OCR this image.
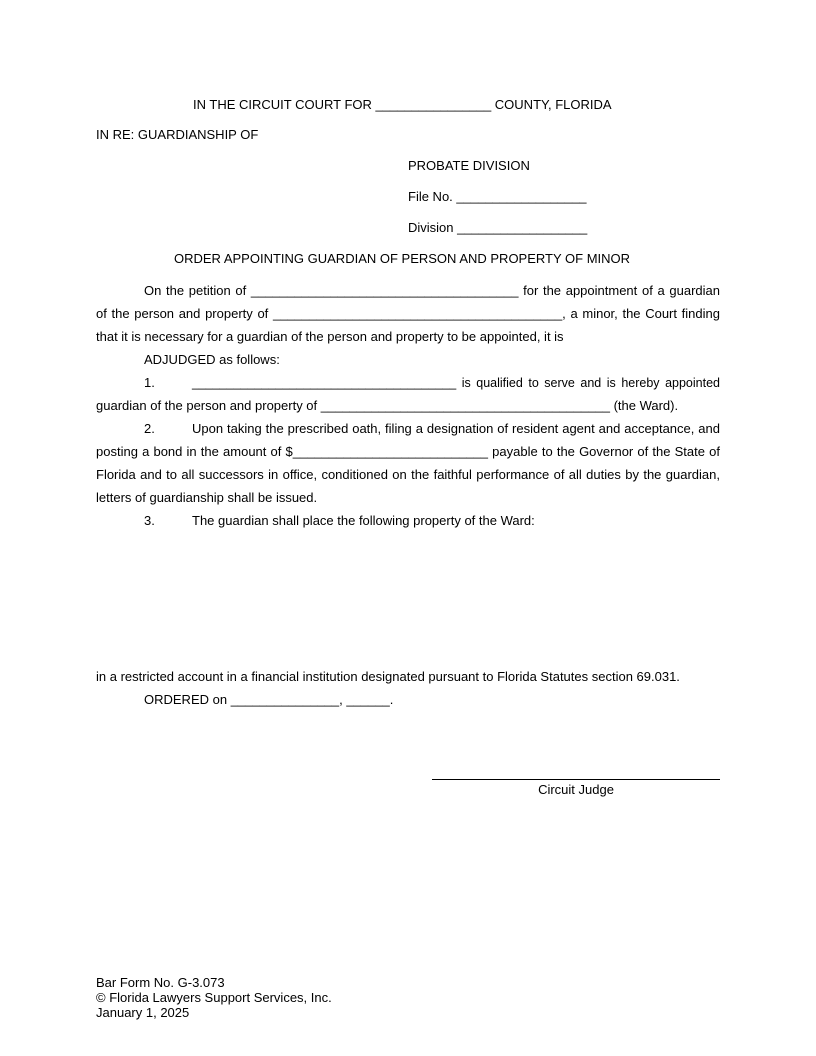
IN THE CIRCUIT COURT FOR ________________ COUNTY, FLORIDA
IN RE: GUARDIANSHIP OF
PROBATE DIVISION
File No. __________________
Division __________________
ORDER APPOINTING GUARDIAN OF PERSON AND PROPERTY OF MINOR
On the petition of _____________________________________ for the appointment of a guardian
of the person and property of ________________________________________, a minor, the Court finding
that it is necessary for a guardian of the person and property to be appointed, it is
ADJUDGED as follows:
1.	______________________________________ is qualified to serve and is hereby appointed
guardian of the person and property of ________________________________________ (the Ward).
2.	Upon taking the prescribed oath, filing a designation of resident agent and acceptance, and
posting a bond in the amount of $___________________________ payable to the Governor of the State of
Florida and to all successors in office, conditioned on the faithful performance of all duties by the guardian,
letters of guardianship shall be issued.
3.	The guardian shall place the following property of the Ward:
in a restricted account in a financial institution designated pursuant to Florida Statutes section 69.031.
ORDERED on _______________, ______.
Circuit Judge
Bar Form No. G-3.073
© Florida Lawyers Support Services, Inc.
January 1, 2025
